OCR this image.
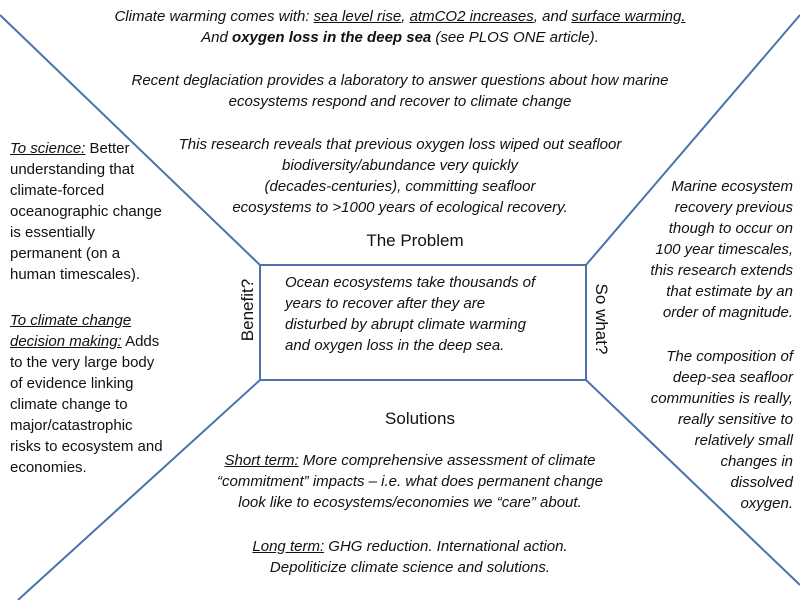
Climate warming comes with: sea level rise, atmCO2 increases, and surface warming.
And oxygen loss in the deep sea (see PLOS ONE article).
Recent deglaciation provides a laboratory to answer questions about how marine
ecosystems respond and recover to climate change
This research reveals that previous oxygen loss wiped out seafloor
biodiversity/abundance very quickly
(decades-centuries), committing seafloor
ecosystems to >1000 years of ecological recovery.
The Problem
Ocean ecosystems take thousands of
years to recover after they are
disturbed by abrupt climate warming
and oxygen loss in the deep sea.
Benefit?	So what?
Solutions
To science: Better
understanding that
climate-forced
oceanographic change
is essentially
permanent (on a
human timescales).
To climate change
decision making: Adds
to the very large body
of evidence linking
climate change to
major/catastrophic
risks to ecosystem and
economies.
Marine ecosystem
recovery previous
though to occur on
100 year timescales,
this research extends
that estimate by an
order of magnitude.
The composition of
deep-sea seafloor
communities is really,
really sensitive to
relatively small
changes in
dissolved
oxygen.
Short term: More comprehensive assessment of climate
“commitment” impacts – i.e. what does permanent change
look like to ecosystems/economies we “care” about.
Long term: GHG reduction. International action.
Depoliticize climate science and solutions.
